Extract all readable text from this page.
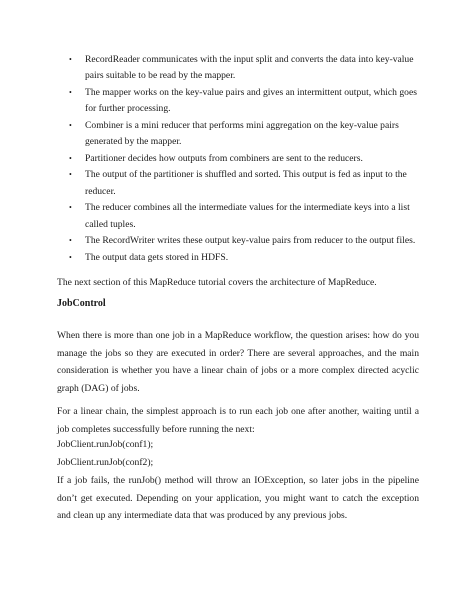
• RecordReader communicates with the input split and converts the data into key-value pairs suitable to be read by the mapper.
• The mapper works on the key-value pairs and gives an intermittent output, which goes for further processing.
• Combiner is a mini reducer that performs mini aggregation on the key-value pairs generated by the mapper.
• Partitioner decides how outputs from combiners are sent to the reducers.
• The output of the partitioner is shuffled and sorted. This output is fed as input to the reducer.
• The reducer combines all the intermediate values for the intermediate keys into a list called tuples.
• The RecordWriter writes these output key-value pairs from reducer to the output files.
• The output data gets stored in HDFS.

The next section of this MapReduce tutorial covers the architecture of MapReduce.

JobControl

When there is more than one job in a MapReduce workflow, the question arises: how do you manage the jobs so they are executed in order? There are several approaches, and the main consideration is whether you have a linear chain of jobs or a more complex directed acyclic graph (DAG) of jobs.

For a linear chain, the simplest approach is to run each job one after another, waiting until a job completes successfully before running the next:

JobClient.runJob(conf1);

JobClient.runJob(conf2);

If a job fails, the runJob() method will throw an IOException, so later jobs in the pipeline don’t get executed. Depending on your application, you might want to catch the exception and clean up any intermediate data that was produced by any previous jobs.
